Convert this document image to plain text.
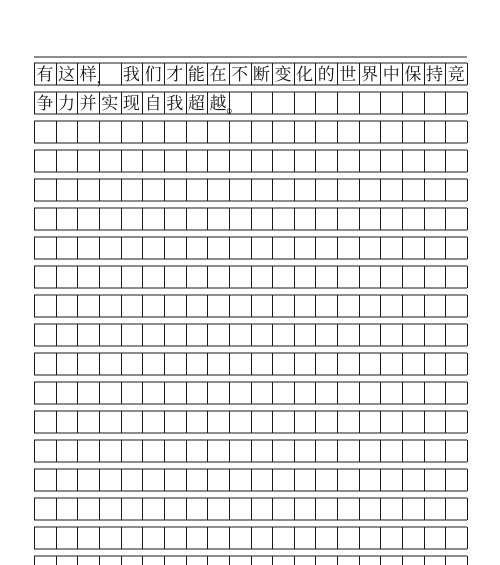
有 这 样 ， 我 们 才 能 在 不 断 变 化 的 世 界 中 保 持 竞
争 力 并 实 现 自 我 超 越 。
